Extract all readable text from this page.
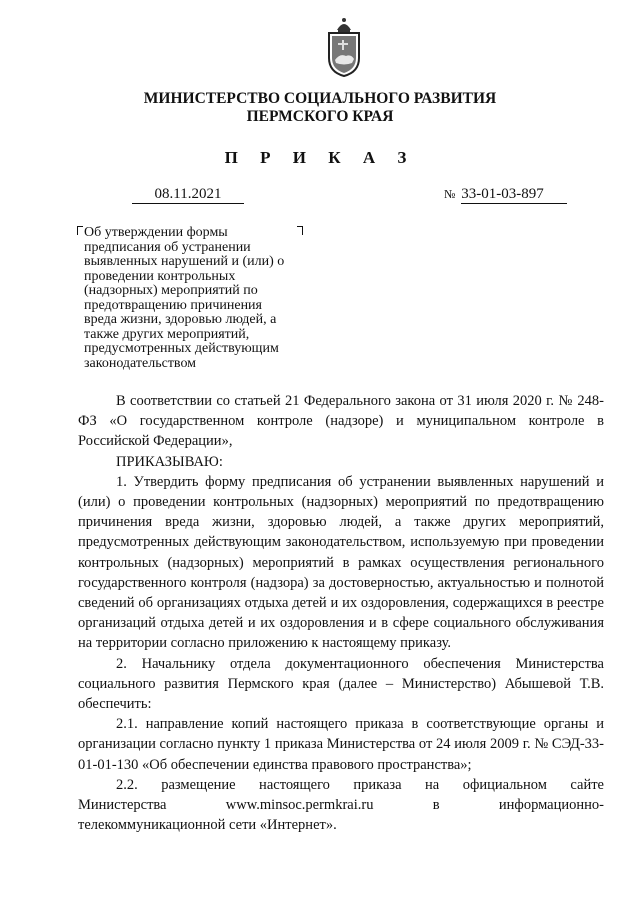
МИНИСТЕРСТВО СОЦИАЛЬНОГО РАЗВИТИЯ
ПЕРМСКОГО КРАЯ
П Р И К А З
08.11.2021	№ 33-01-03-897
Об утверждении формы
предписания об устранении
выявленных нарушений и (или) о
проведении контрольных
(надзорных) мероприятий по
предотвращению причинения
вреда жизни, здоровью людей, а
также других мероприятий,
предусмотренных действующим
законодательством

В соответствии со статьей 21 Федерального закона от 31 июля 2020 г. № 248-ФЗ «О государственном контроле (надзоре) и муниципальном контроле в Российской Федерации»,

ПРИКАЗЫВАЮ:

1. Утвердить форму предписания об устранении выявленных нарушений и (или) о проведении контрольных (надзорных) мероприятий по предотвращению причинения вреда жизни, здоровью людей, а также других мероприятий, предусмотренных действующим законодательством, используемую при проведении контрольных (надзорных) мероприятий в рамках осуществления регионального государственного контроля (надзора) за достоверностью, актуальностью и полнотой сведений об организациях отдыха детей и их оздоровления, содержащихся в реестре организаций отдыха детей и их оздоровления и в сфере социального обслуживания на территории согласно приложению к настоящему приказу.

2. Начальнику отдела документационного обеспечения Министерства социального развития Пермского края (далее – Министерство) Абышевой Т.В. обеспечить:

2.1. направление копий настоящего приказа в соответствующие органы и организации согласно пункту 1 приказа Министерства от 24 июля 2009 г. № СЭД-33-01-01-130 «Об обеспечении единства правового пространства»;

2.2. размещение настоящего приказа на официальном сайте

Министерства www.minsoc.permkrai.ru в информационно-

телекоммуникационной сети «Интернет».
